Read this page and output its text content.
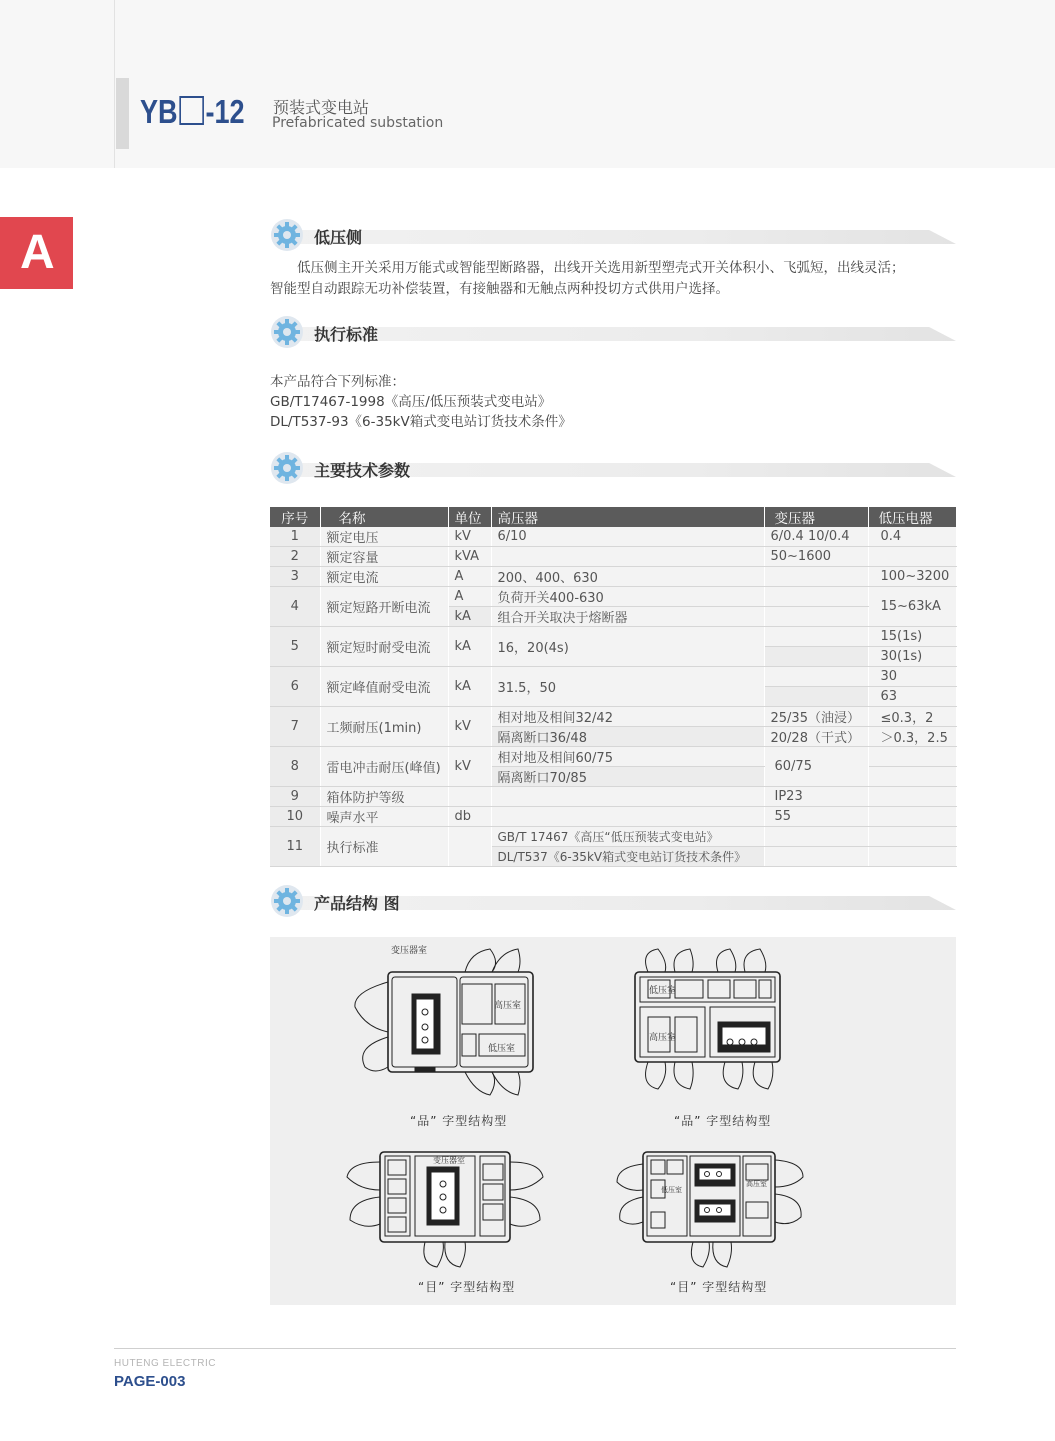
YB -12 预装式变电站
Prefabricated substation
A	低压侧
低压侧主开关采用万能式或智能型断路器，出线开关选用新型塑壳式开关体积小、飞弧短，出线灵活；
智能型自动跟踪无功补偿装置，有接触器和无触点两种投切方式供用户选择。
执行标准
本产品符合下列标准：
GB/T17467-1998《高压/低压预装式变电站》
DL/T537-93《6-35kV箱式变电站订货技术条件》
主要技术参数
序号	名称	单位	高压器	变压器	低压电器
1	额定电压	kV	6/10	6/0.4 10/0.4	0.4
2	额定容量	kVA		50~1600	
3	额定电流	A	200、400、630		100~3200
4	额定短路开断电流	A	负荷开关400-630		15~63kA
		kA	组合开关取决于熔断器		
5	额定短时耐受电流	kA	16，20(4s)		15(1s)
					30(1s)
6	额定峰值耐受电流	kA	31.5，50		30
					63
7	工频耐压(1min)	kV	相对地及相间32/42	25/35（油浸）	≤0.3，2
			隔离断口36/48	20/28（干式）	＞0.3，2.5
8	雷电冲击耐压(峰值)	kV	相对地及相间60/75	60/75	
			隔离断口70/85		
9	箱体防护等级			IP23	
10	噪声水平	db		55	
11	执行标准		GB/T 17467《高压“低压预装式变电站》		
			DL/T537《6-35kV箱式变电站订货技术条件》		
产品结构 图
变压器室
高压室
低压室
“品” 字型结构型
低压室
高压室
“品” 字型结构型
变压器室
“目” 字型结构型
低压室
高压室
“目” 字型结构型
HUTENG ELECTRIC
PAGE-003
